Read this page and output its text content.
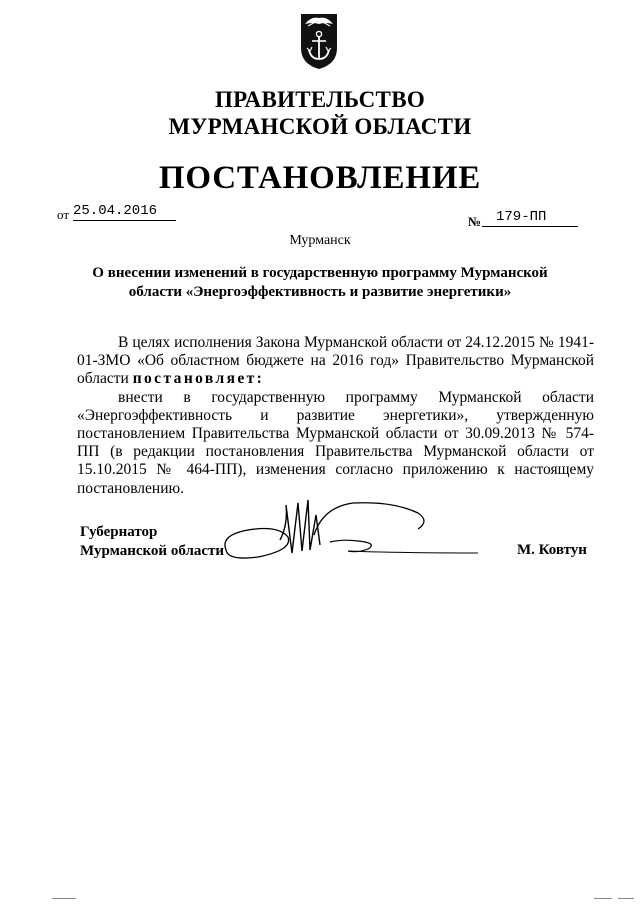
ПРАВИТЕЛЬСТВО
МУРМАНСКОЙ ОБЛАСТИ
ПОСТАНОВЛЕНИЕ
от 25.04.2016
№	179-ПП
Мурманск
О внесении изменений в государственную программу Мурманской
области «Энергоэффективность и развитие энергетики»

В целях исполнения Закона Мурманской области от 24.12.2015 № 1941-01-ЗМО «Об областном бюджете на 2016 год» Правительство Мурманской области постановляет:

внести в государственную программу Мурманской области «Энергоэффективность и развитие энергетики», утвержденную постановлением Правительства Мурманской области от 30.09.2013 № 574-ПП (в редакции постановления Правительства Мурманской области от 15.10.2015 № 464-ПП), изменения согласно приложению к настоящему постановлению.

Губернатор
Мурманской области	М. Ковтун
